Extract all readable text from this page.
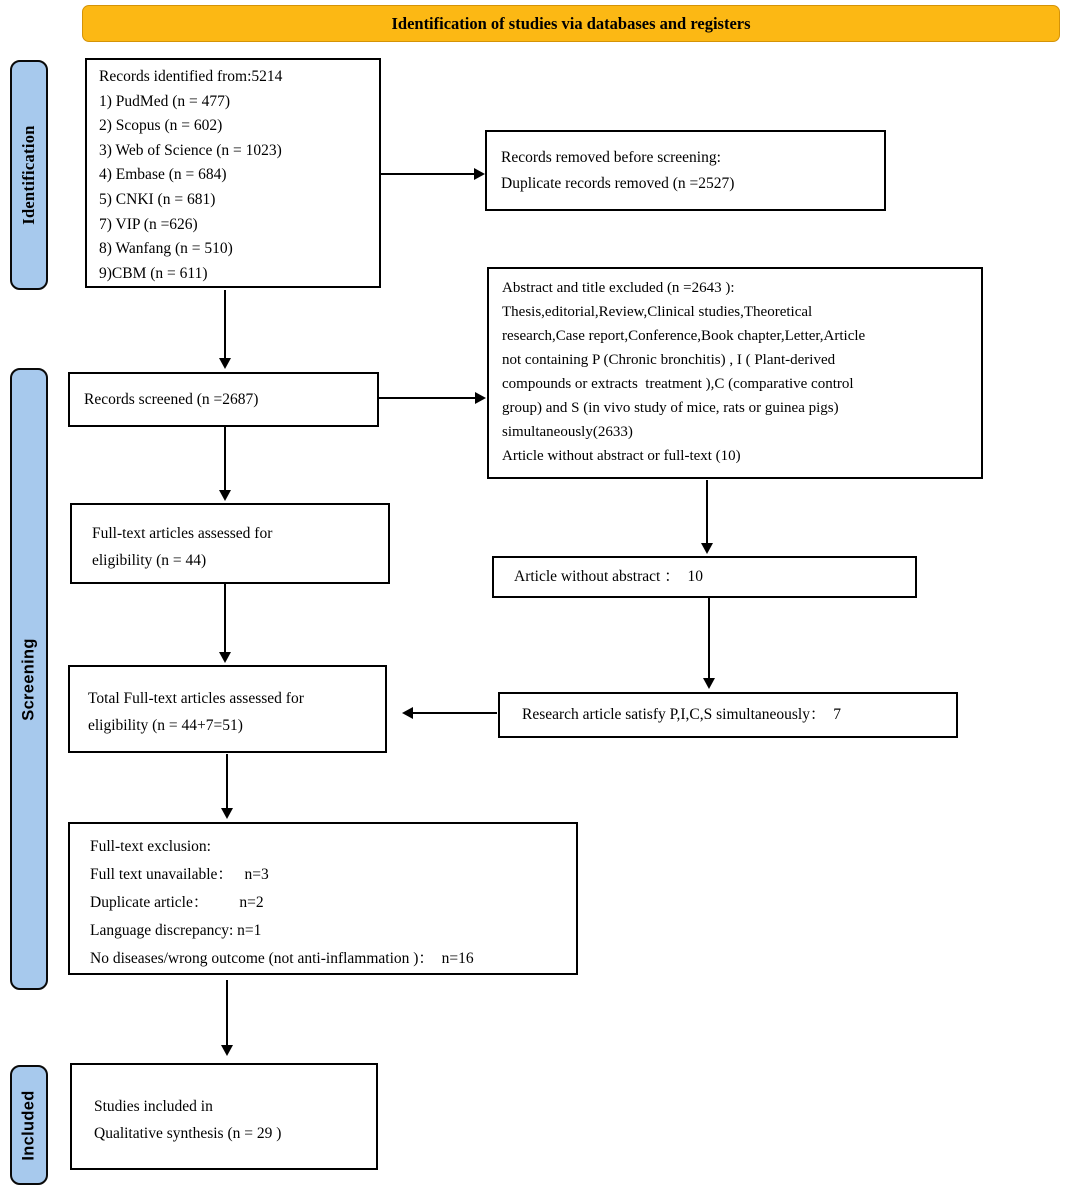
Identification of studies via databases and registers
Identification
Screening
Included
Records identified from:5214
1) PudMed (n = 477)
2) Scopus (n = 602)
3) Web of Science (n = 1023)
4) Embase (n = 684)
5) CNKI (n = 681)
7) VIP (n =626)
8) Wanfang (n = 510)
9)CBM (n = 611)
Records removed before screening:
Duplicate records removed (n =2527)
Abstract and title excluded (n =2643 ):
Thesis,editorial,Review,Clinical studies,Theoretical
research,Case report,Conference,Book chapter,Letter,Article
not containing P (Chronic bronchitis) , I ( Plant-derived
compounds or extracts  treatment ),C (comparative control
group) and S (in vivo study of mice, rats or guinea pigs)
simultaneously(2633)
Article without abstract or full-text (10)
Records screened (n =2687)
Full-text articles assessed for
eligibility (n = 44)
Article without abstract ：  10
Total Full-text articles assessed for
eligibility (n = 44+7=51)
Research article satisfy P,I,C,S simultaneously：  7
Full-text exclusion:
Full text unavailable：   n=3
Duplicate article：        n=2
Language discrepancy: n=1
No diseases/wrong outcome (not anti-inflammation )：  n=16
Studies included in
Qualitative synthesis (n = 29 )
